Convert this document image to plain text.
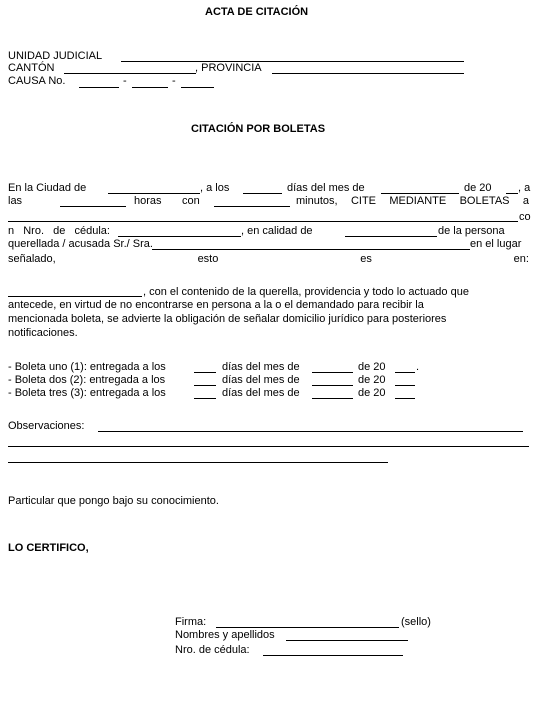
ACTA DE CITACIÓN
UNIDAD JUDICIAL
CANTÓN	, PROVINCIA
CAUSA No.	-	-
CITACIÓN POR BOLETAS
En la Ciudad de	, a los	días del mes de	de 20 , a
las	horas con	minutos, CITE MEDIANTE BOLETAS a
co
n Nro. de cédula:	, en calidad de	de la persona
querellada / acusada Sr./ Sra.	en el lugar
señalado,	esto	es	en:
, con el contenido de la querella, providencia y todo lo actuado que
antecede, en virtud de no encontrarse en persona a la o el demandado para recibir la
mencionada boleta, se advierte la obligación de señalar domicilio jurídico para posteriores
notificaciones.
- Boleta uno (1): entregada a los	días del mes de	de 20	.
- Boleta dos (2): entregada a los	días del mes de	de 20
- Boleta tres (3): entregada a los	días del mes de	de 20
Observaciones:
Particular que pongo bajo su conocimiento.
LO CERTIFICO,
Firma:	(sello)
Nombres y apellidos
Nro. de cédula:
